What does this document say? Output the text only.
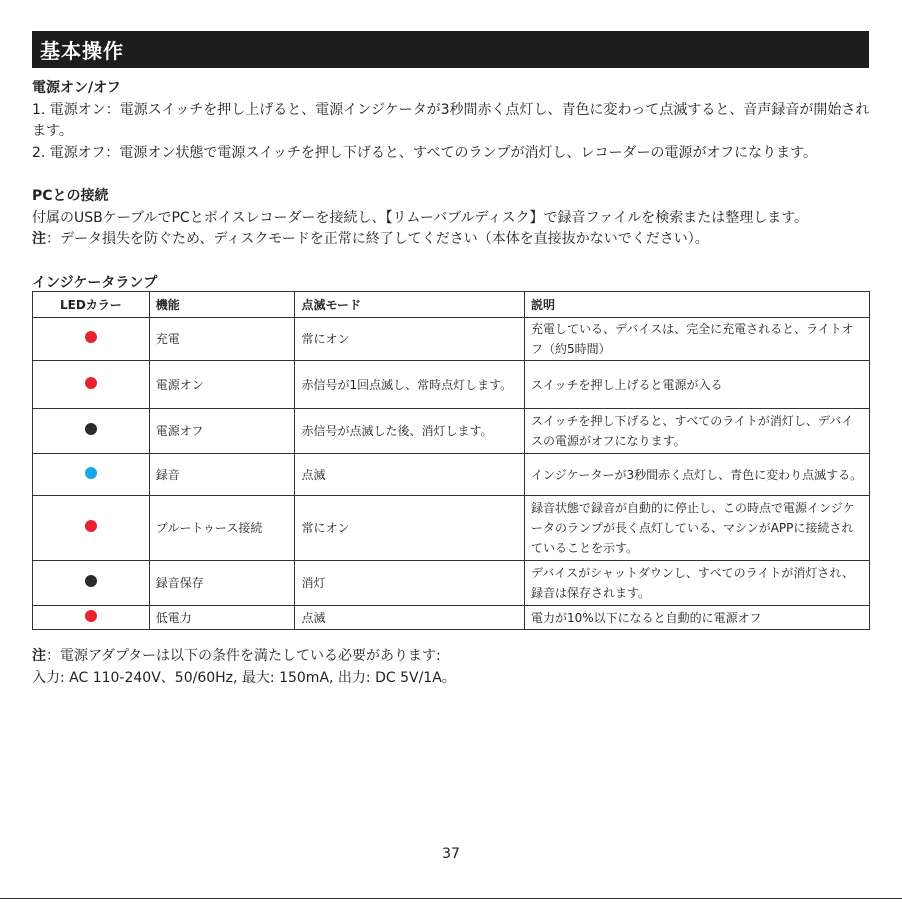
基本操作
電源オン/オフ
1. 電源オン：電源スイッチを押し上げると、電源インジケータが3秒間赤く点灯し、青色に変わって点滅すると、音声録音が開始されます。
2. 電源オフ：電源オン状態で電源スイッチを押し下げると、すべてのランプが消灯し、レコーダーの電源がオフになります。
PCとの接続
付属のUSBケーブルでPCとボイスレコーダーを接続し、【リムーバブルディスク】で録音ファイルを検索または整理します。
注：データ損失を防ぐため、ディスクモードを正常に終了してください（本体を直接抜かないでください）。
インジケータランプ
LEDカラー	機能	点滅モード	説明
	充電	常にオン	充電している、デバイスは、完全に充電されると、ライトオフ（約5時間）
	電源オン	赤信号が1回点滅し、常時点灯します。	スイッチを押し上げると電源が入る
	電源オフ	赤信号が点滅した後、消灯します。	スイッチを押し下げると、すべてのライトが消灯し、デバイスの電源がオフになります。
	録音	点滅	インジケーターが3秒間赤く点灯し、青色に変わり点滅する。
	ブルートゥース接続	常にオン	録音状態で録音が自動的に停止し、この時点で電源インジケータのランプが長く点灯している、マシンがAPPに接続されていることを示す。
	録音保存	消灯	デバイスがシャットダウンし、すべてのライトが消灯され、録音は保存されます。
	低電力	点滅	電力が10%以下になると自動的に電源オフ
注：電源アダプターは以下の条件を満たしている必要があります:
入力: AC 110-240V、50/60Hz, 最大: 150mA, 出力: DC 5V/1A。
37
